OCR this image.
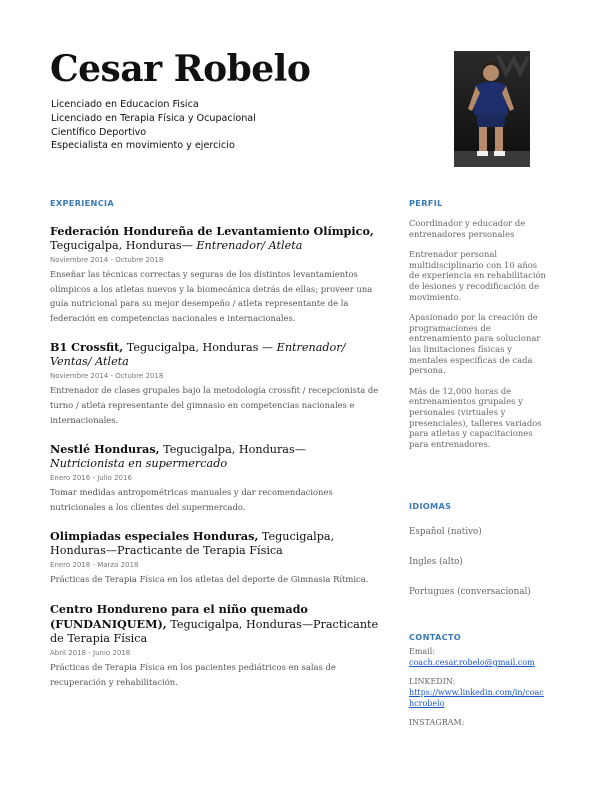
Cesar Robelo
Licenciado en Educacion Fisica
Licenciado en Terapia Física y Ocupacional
Científico Deportivo
Especialista en movimiento y ejercicio
EXPERIENCIA
Federación Hondureña de Levantamiento Olímpico, Tegucigalpa, Honduras— Entrenador/ Atleta
Noviembre 2014 - Octubre 2018
Enseñar las técnicas correctas y seguras de los distintos levantamientos olímpicos a los atletas nuevos y la biomecánica detrás de ellas; proveer una guía nutricional para su mejor desempeño / atleta representante de la federación en competencias nacionales e internacionales.
B1 Crossfit, Tegucigalpa, Honduras — Entrenador/ Ventas/ Atleta
Noviembre 2014 - Octubre 2018
Entrenador de clases grupales bajo la metodología crossfit / recepcionista de turno / atleta representante del gimnasio en competencias nacionales e internacionales.
Nestlé Honduras, Tegucigalpa, Honduras— Nutricionista en supermercado
Enero 2016 - Julio 2016
Tomar medidas antropométricas manuales y dar recomendaciones nutricionales a los clientes del supermercado.
Olimpiadas especiales Honduras, Tegucigalpa, Honduras—Practicante de Terapia Física
Enero 2018 - Marzo 2018
Prácticas de Terapia Física en los atletas del deporte de Gimnasia Rítmica.
Centro Hondureno para el niño quemado (FUNDANIQUEM), Tegucigalpa, Honduras—Practicante de Terapia Física
Abril 2018 - Junio 2018
Prácticas de Terapia Física en los pacientes pediátricos en salas de recuperación y rehabilitación.
PERFIL

Coordinador y educador de entrenadores personales

Entrenador personal multidisciplinario con 10 años de experiencia en rehabilitación de lesiones y recodificación de movimiento.

Apasionado por la creación de programaciones de entrenamiento para solucionar las limitaciones físicas y mentales específicas de cada persona.

Más de 12,000 horas de entrenamientos grupales y personales (virtuales y presenciales), talleres variados para atletas y capacitaciones para entrenadores.

IDIOMAS
Español (nativo)
Ingles (alto)
Portugues (conversacional)
CONTACTO
Email:
coach.cesar.robelo@gmail.com
LINKEDIN:
https://www.linkedin.com/in/coachcrobelo
INSTAGRAM:
